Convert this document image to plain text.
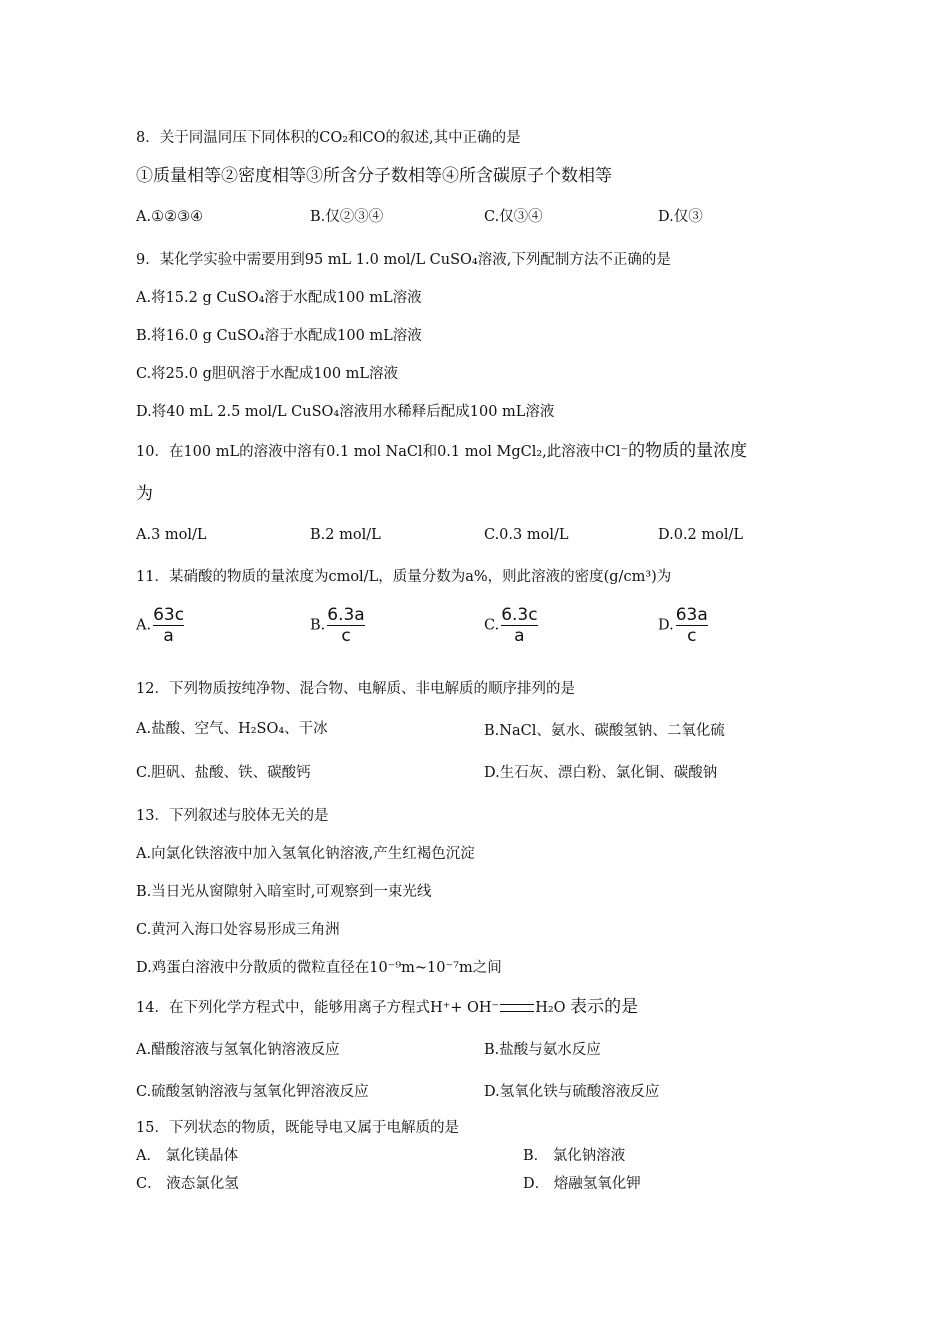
8．关于同温同压下同体积的CO₂和CO的叙述,其中正确的是
①质量相等②密度相等③所含分子数相等④所含碳原子个数相等
A.①②③④	B.仅②③④	C.仅③④	D.仅③
9．某化学实验中需要用到95 mL 1.0 mol/L CuSO₄溶液,下列配制方法不正确的是
A.将15.2 g CuSO₄溶于水配成100 mL溶液
B.将16.0 g CuSO₄溶于水配成100 mL溶液
C.将25.0 g胆矾溶于水配成100 mL溶液
D.将40 mL 2.5 mol/L CuSO₄溶液用水稀释后配成100 mL溶液
10．在100 mL的溶液中溶有0.1 mol NaCl和0.1 mol MgCl₂,此溶液中Cl⁻的物质的量浓度
为
A.3 mol/L	B.2 mol/L	C.0.3 mol/L	D.0.2 mol/L
11．某硝酸的物质的量浓度为cmol/L，质量分数为a%，则此溶液的密度(g/cm³)为
A. $\frac{63c}{a}$	B. $\frac{6.3a}{c}$	C. $\frac{6.3c}{a}$	D. $\frac{63a}{c}$
12．下列物质按纯净物、混合物、电解质、非电解质的顺序排列的是
A.盐酸、空气、H₂SO₄、干冰	B.NaCl、氨水、碳酸氢钠、二氧化硫
C.胆矾、盐酸、铁、碳酸钙	D.生石灰、漂白粉、氯化铜、碳酸钠
13．下列叙述与胶体无关的是
A.向氯化铁溶液中加入氢氧化钠溶液,产生红褐色沉淀
B.当日光从窗隙射入暗室时,可观察到一束光线
C.黄河入海口处容易形成三角洲
D.鸡蛋白溶液中分散质的微粒直径在10⁻⁹m~10⁻⁷m之间
14．在下列化学方程式中，能够用离子方程式H⁺+ OH⁻ H₂O 表示的是
A.醋酸溶液与氢氧化钠溶液反应	B.盐酸与氨水反应
C.硫酸氢钠溶液与氢氧化钾溶液反应	D.氢氧化铁与硫酸溶液反应
15．下列状态的物质，既能导电又属于电解质的是
A． 氯化镁晶体	B． 氯化钠溶液
C． 液态氯化氢	D． 熔融氢氧化钾
